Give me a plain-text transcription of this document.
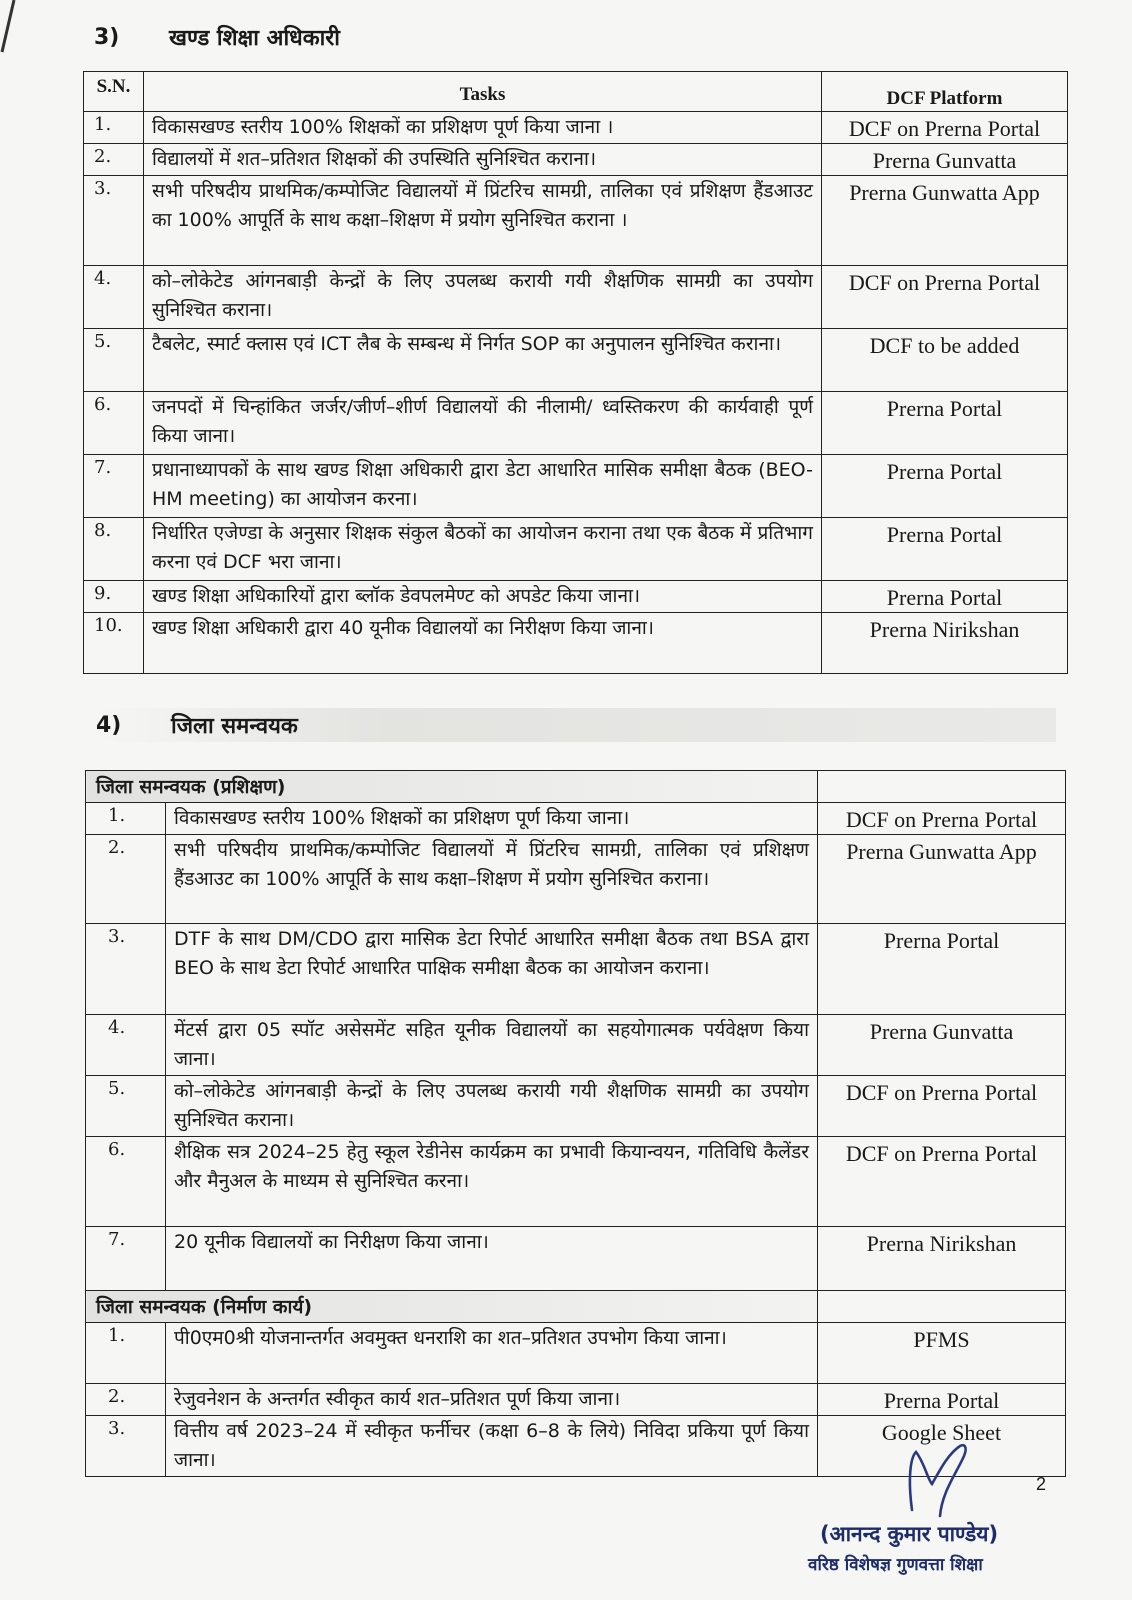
3)	खण्ड शिक्षा अधिकारी
S.N.	Tasks	DCF Platform
1.	विकासखण्ड स्तरीय 100% शिक्षकों का प्रशिक्षण पूर्ण किया जाना ।	DCF on Prerna Portal
2.	विद्यालयों में शत–प्रतिशत शिक्षकों की उपस्थिति सुनिश्चित कराना।	Prerna Gunvatta
3.	सभी परिषदीय प्राथमिक/कम्पोजिट विद्यालयों में प्रिंटरिच सामग्री, तालिका एवं प्रशिक्षण हैंडआउट का 100% आपूर्ति के साथ कक्षा–शिक्षण में प्रयोग सुनिश्चित कराना ।	Prerna Gunwatta App
4.	को–लोकेटेड आंगनबाड़ी केन्द्रों के लिए उपलब्ध करायी गयी शैक्षणिक सामग्री का उपयोग सुनिश्चित कराना।	DCF on Prerna Portal
5.	टैबलेट, स्मार्ट क्लास एवं ICT लैब के सम्बन्ध में निर्गत SOP का अनुपालन सुनिश्चित कराना।	DCF to be added
6.	जनपदों में चिन्हांकित जर्जर/जीर्ण–शीर्ण विद्यालयों की नीलामी/ ध्वस्तिकरण की कार्यवाही पूर्ण किया जाना।	Prerna Portal
7.	प्रधानाध्यापकों के साथ खण्ड शिक्षा अधिकारी द्वारा डेटा आधारित मासिक समीक्षा बैठक (BEO-HM meeting) का आयोजन करना।	Prerna Portal
8.	निर्धारित एजेण्डा के अनुसार शिक्षक संकुल बैठकों का आयोजन कराना तथा एक बैठक में प्रतिभाग करना एवं DCF भरा जाना।	Prerna Portal
9.	खण्ड शिक्षा अधिकारियों द्वारा ब्लॉक डेवपलमेण्ट को अपडेट किया जाना।	Prerna Portal
10.	खण्ड शिक्षा अधिकारी द्वारा 40 यूनीक विद्यालयों का निरीक्षण किया जाना।	Prerna Nirikshan
4)	जिला समन्वयक
जिला समन्वयक (प्रशिक्षण)		
1.	विकासखण्ड स्तरीय 100% शिक्षकों का प्रशिक्षण पूर्ण किया जाना।	DCF on Prerna Portal
2.	सभी परिषदीय प्राथमिक/कम्पोजिट विद्यालयों में प्रिंटरिच सामग्री, तालिका एवं प्रशिक्षण हैंडआउट का 100% आपूर्ति के साथ कक्षा–शिक्षण में प्रयोग सुनिश्चित कराना।	Prerna Gunwatta App
3.	DTF के साथ DM/CDO द्वारा मासिक डेटा रिपोर्ट आधारित समीक्षा बैठक तथा BSA द्वारा BEO के साथ डेटा रिपोर्ट आधारित पाक्षिक समीक्षा बैठक का आयोजन कराना।	Prerna Portal
4.	मेंटर्स द्वारा 05 स्पॉट असेसमेंट सहित यूनीक विद्यालयों का सहयोगात्मक पर्यवेक्षण किया जाना।	Prerna Gunvatta
5.	को–लोकेटेड आंगनबाड़ी केन्द्रों के लिए उपलब्ध करायी गयी शैक्षणिक सामग्री का उपयोग सुनिश्चित कराना।	DCF on Prerna Portal
6.	शैक्षिक सत्र 2024–25 हेतु स्कूल रेडीनेस कार्यक्रम का प्रभावी कियान्वयन, गतिविधि कैलेंडर और मैनुअल के माध्यम से सुनिश्चित करना।	DCF on Prerna Portal
7.	20 यूनीक विद्यालयों का निरीक्षण किया जाना।	Prerna Nirikshan
जिला समन्वयक (निर्माण कार्य)		
1.	पी0एम0श्री योजनान्तर्गत अवमुक्त धनराशि का शत–प्रतिशत उपभोग किया जाना।	PFMS
2.	रेजुवनेशन के अन्तर्गत स्वीकृत कार्य शत–प्रतिशत पूर्ण किया जाना।	Prerna Portal
3.	वित्तीय वर्ष 2023–24 में स्वीकृत फर्नीचर (कक्षा 6–8 के लिये) निविदा प्रकिया पूर्ण किया जाना।	Google Sheet
2
(आनन्द कुमार पाण्डेय)
वरिष्ठ विशेषज्ञ गुणवत्ता शिक्षा
